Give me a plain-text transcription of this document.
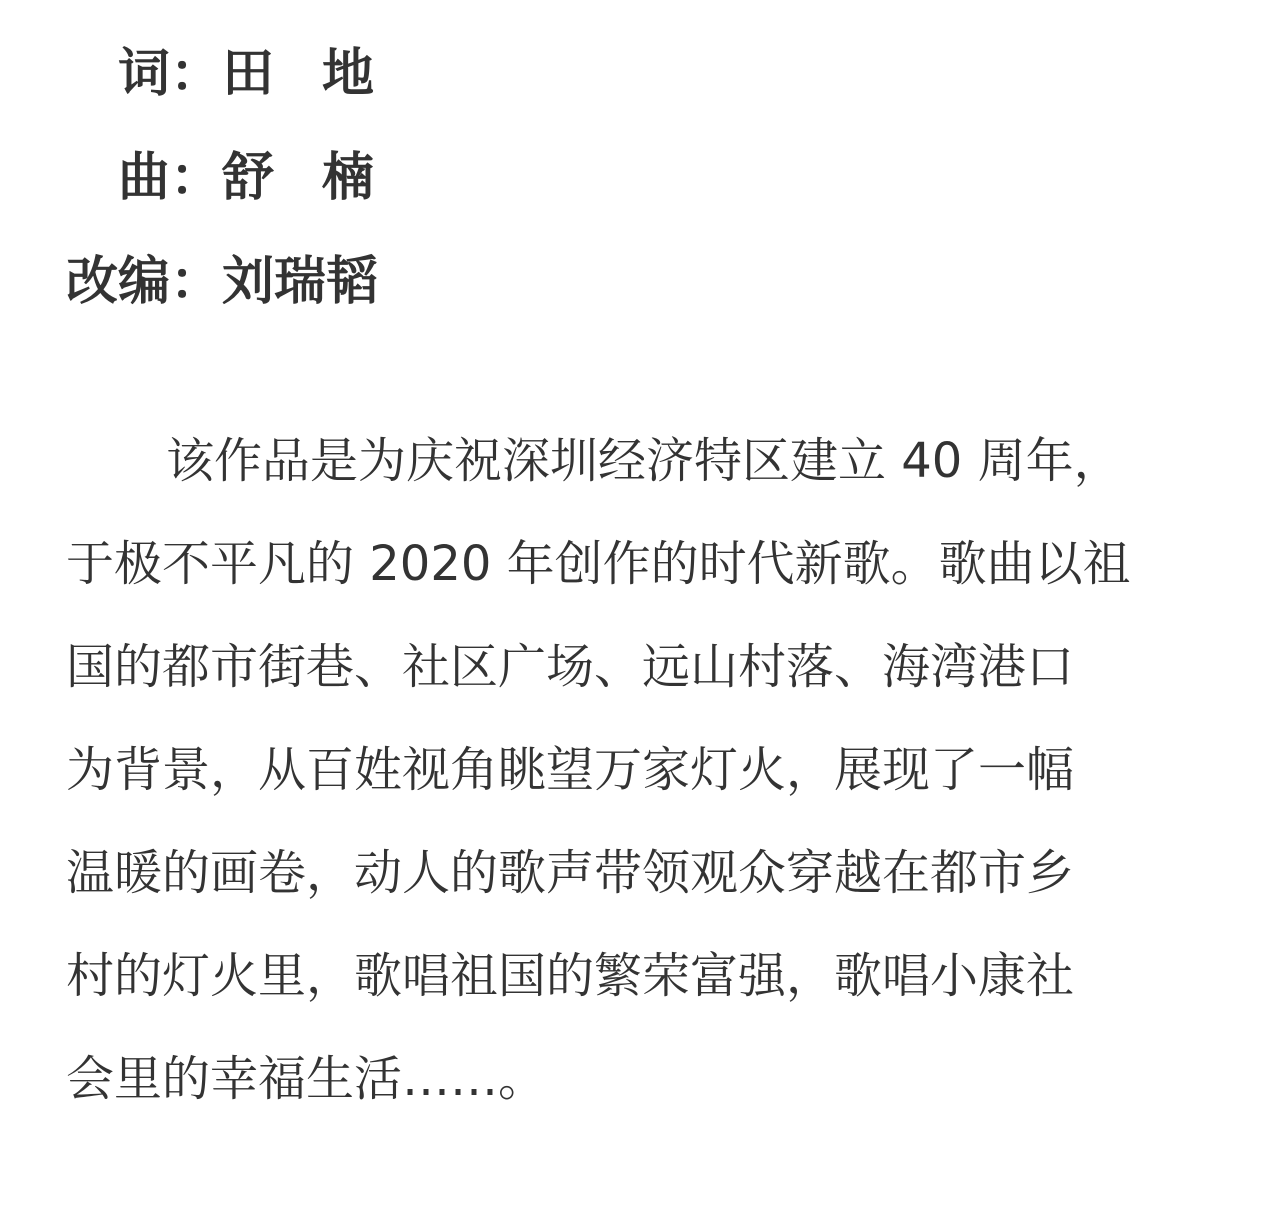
词： 田地
曲： 舒楠
改编： 刘瑞韬
该作品是为庆祝深圳经济特区建立 40 周年，
于极不平凡的 2020 年创作的时代新歌。歌曲以祖
国的都市街巷、社区广场、远山村落、海湾港口
为背景，从百姓视角眺望万家灯火，展现了一幅
温暖的画卷，动人的歌声带领观众穿越在都市乡
村的灯火里，歌唱祖国的繁荣富强，歌唱小康社
会里的幸福生活……。
